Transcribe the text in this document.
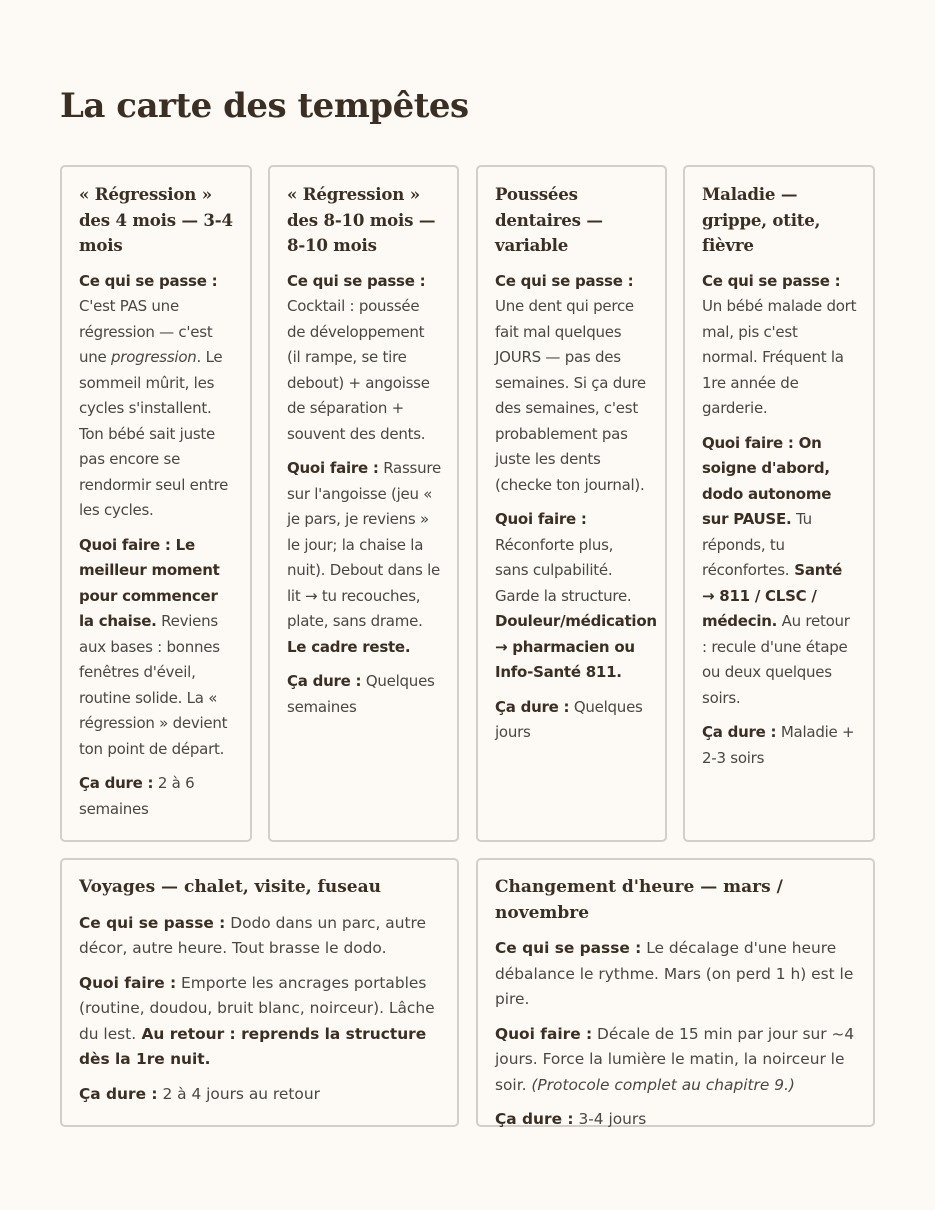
La carte des tempêtes
« Régression » des 4 mois — 3-4 mois

Ce qui se passe : C'est PAS une régression — c'est une progression. Le sommeil mûrit, les cycles s'installent. Ton bébé sait juste pas encore se rendormir seul entre les cycles.

Quoi faire : Le meilleur moment pour commencer la chaise. Reviens aux bases : bonnes fenêtres d'éveil, routine solide. La « régression » devient ton point de départ.

Ça dure : 2 à 6 semaines

« Régression » des 8-10 mois — 8-10 mois

Ce qui se passe : Cocktail : poussée de développement (il rampe, se tire debout) + angoisse de séparation + souvent des dents.

Quoi faire : Rassure sur l'angoisse (jeu « je pars, je reviens » le jour; la chaise la nuit). Debout dans le lit → tu recouches, plate, sans drame. Le cadre reste.

Ça dure : Quelques semaines

Poussées dentaires — variable

Ce qui se passe : Une dent qui perce fait mal quelques JOURS — pas des semaines. Si ça dure des semaines, c'est probablement pas juste les dents (checke ton journal).

Quoi faire : Réconforte plus, sans culpabilité. Garde la structure. Douleur/médication → pharmacien ou Info-Santé 811.

Ça dure : Quelques jours

Maladie — grippe, otite, fièvre

Ce qui se passe : Un bébé malade dort mal, pis c'est normal. Fréquent la 1re année de garderie.

Quoi faire : On soigne d'abord, dodo autonome sur PAUSE. Tu réponds, tu réconfortes. Santé → 811 / CLSC / médecin. Au retour : recule d'une étape ou deux quelques soirs.

Ça dure : Maladie + 2-3 soirs

Voyages — chalet, visite, fuseau

Ce qui se passe : Dodo dans un parc, autre décor, autre heure. Tout brasse le dodo.

Quoi faire : Emporte les ancrages portables (routine, doudou, bruit blanc, noirceur). Lâche du lest. Au retour : reprends la structure dès la 1re nuit.

Ça dure : 2 à 4 jours au retour

Changement d'heure — mars / novembre

Ce qui se passe : Le décalage d'une heure débalance le rythme. Mars (on perd 1 h) est le pire.

Quoi faire : Décale de 15 min par jour sur ~4 jours. Force la lumière le matin, la noirceur le soir. (Protocole complet au chapitre 9.)

Ça dure : 3-4 jours
